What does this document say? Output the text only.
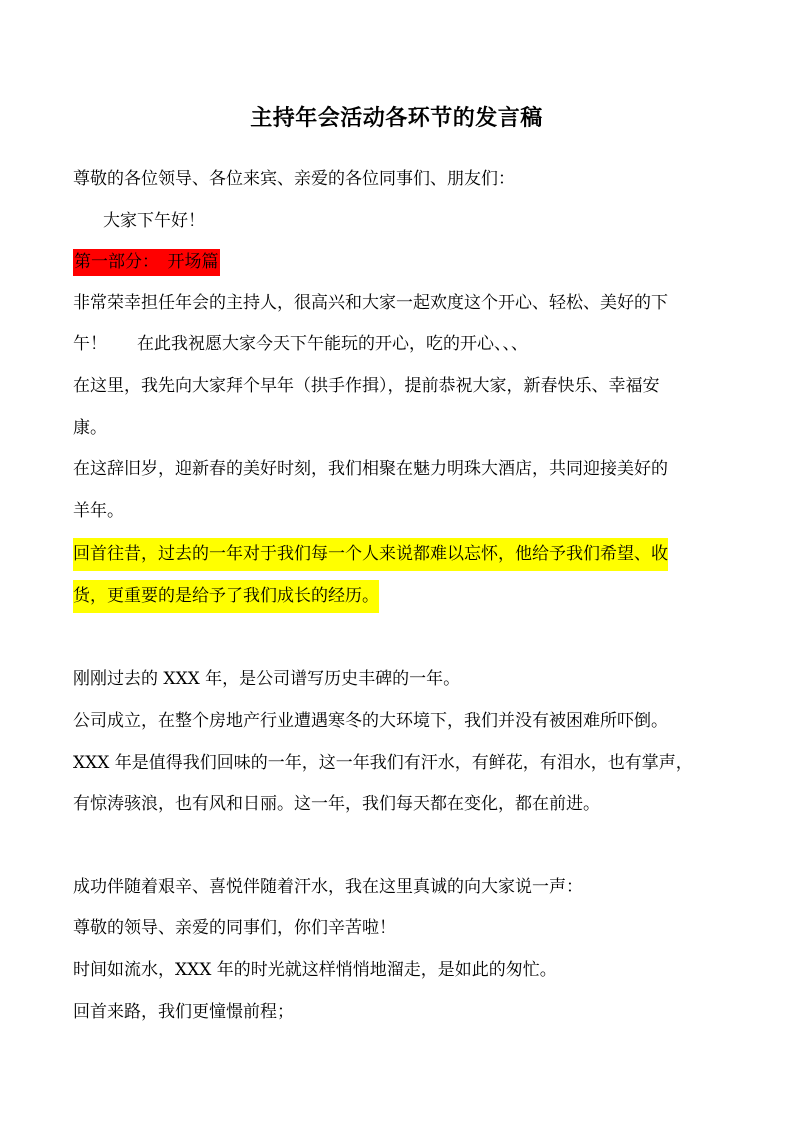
主持年会活动各环节的发言稿
尊敬的各位领导、各位来宾、亲爱的各位同事们、朋友们：
大家下午好！
第一部分：　开场篇
非常荣幸担任年会的主持人，很高兴和大家一起欢度这个开心、轻松、美好的下
午！ 在此我祝愿大家今天下午能玩的开心，吃的开心、、、
在这里，我先向大家拜个早年（拱手作揖），提前恭祝大家，新春快乐、幸福安
康。
在这辞旧岁，迎新春的美好时刻，我们相聚在魅力明珠大酒店，共同迎接美好的
羊年。
回首往昔，过去的一年对于我们每一个人来说都难以忘怀，他给予我们希望、收
货，更重要的是给予了我们成长的经历。
刚刚过去的 XXX 年，是公司谱写历史丰碑的一年。
公司成立，在整个房地产行业遭遇寒冬的大环境下，我们并没有被困难所吓倒。
XXX 年是值得我们回味的一年，这一年我们有汗水，有鲜花，有泪水，也有掌声，
有惊涛骇浪，也有风和日丽。这一年，我们每天都在变化，都在前进。
成功伴随着艰辛、喜悦伴随着汗水，我在这里真诚的向大家说一声：
尊敬的领导、亲爱的同事们，你们辛苦啦！
时间如流水，XXX 年的时光就这样悄悄地溜走，是如此的匆忙。
回首来路，我们更憧憬前程；
